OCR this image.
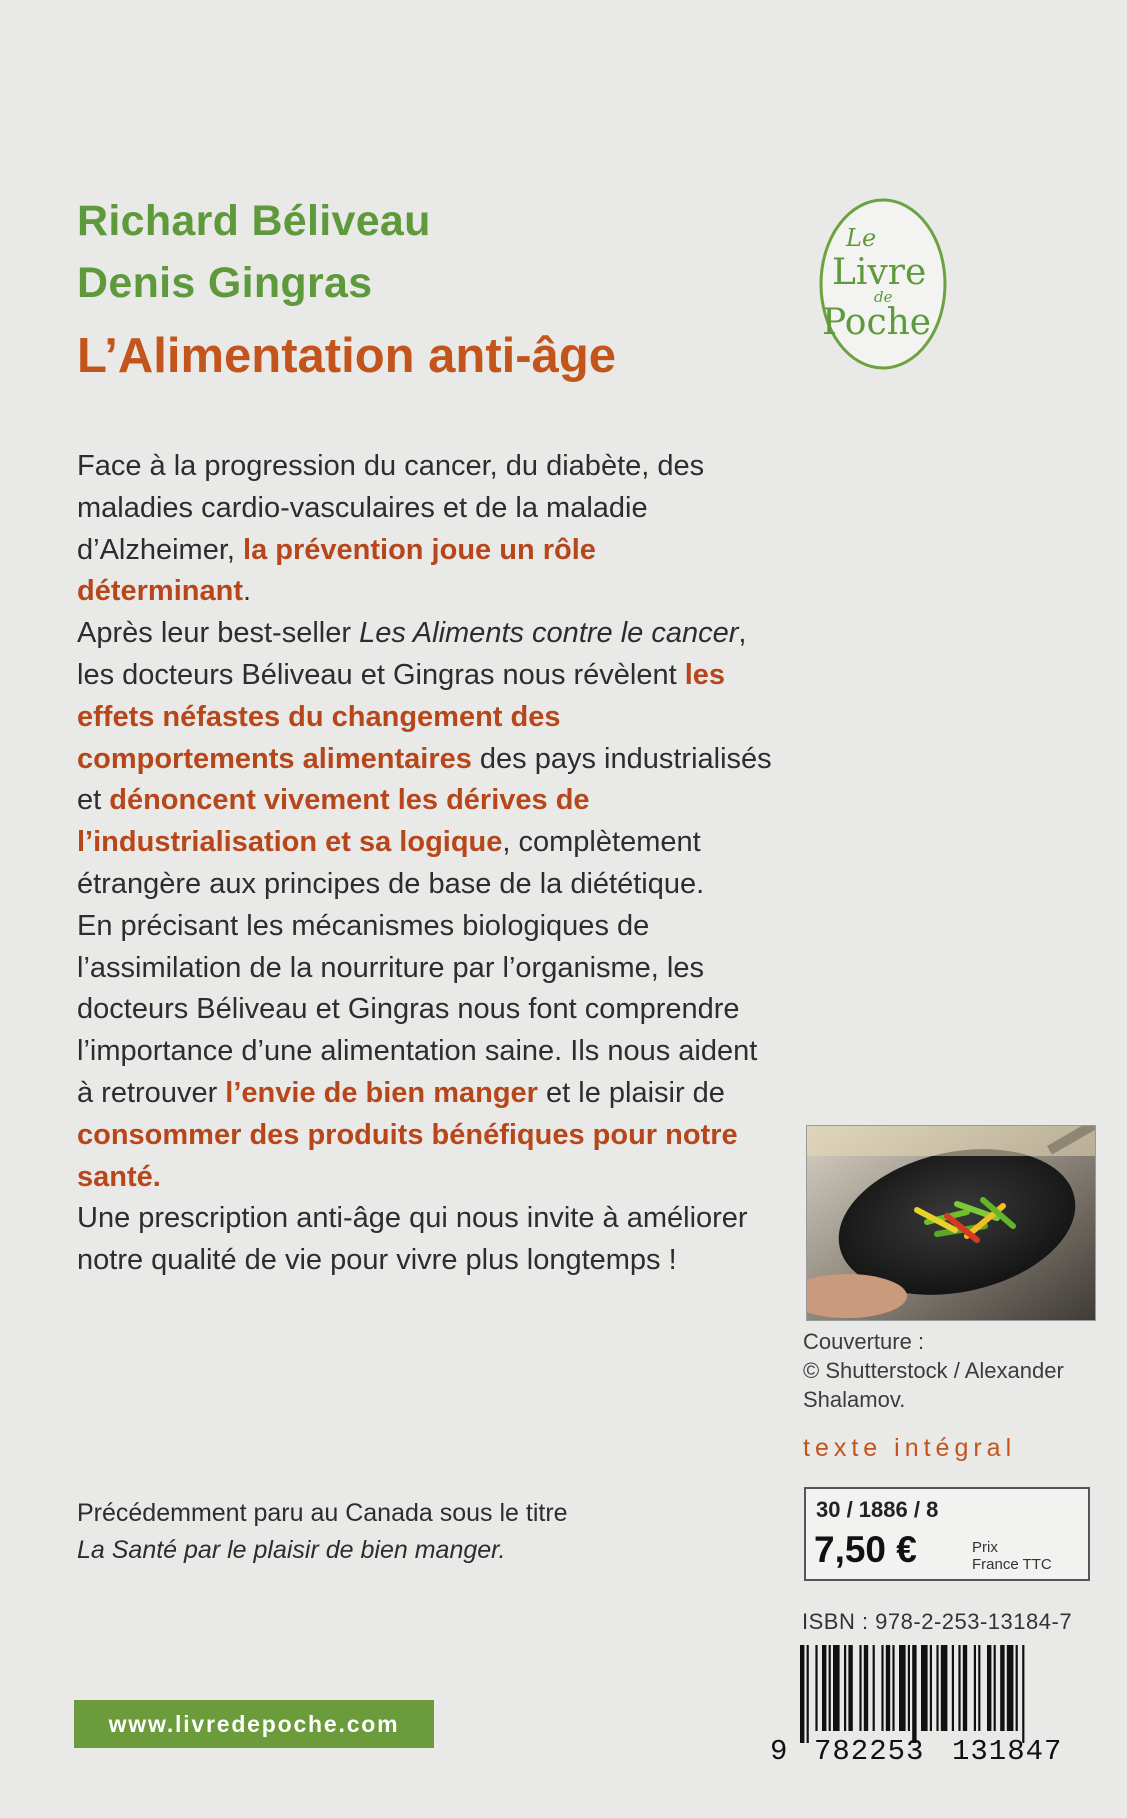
Richard Béliveau

Denis Gingras

L’Alimentation anti-âge
Le
Livre
de
Poche

Face à la progression du cancer, du diabète, des maladies cardio-vasculaires et de la maladie d’Alzheimer, la prévention joue un rôle déterminant.
Après leur best-seller Les Aliments contre le cancer, les docteurs Béliveau et Gingras nous révèlent les effets néfastes du changement des comportements alimentaires des pays industrialisés et dénoncent vivement les dérives de l’industrialisation et sa logique, complètement étrangère aux principes de base de la diététique.
En précisant les mécanismes biologiques de l’assimilation de la nourriture par l’organisme, les docteurs Béliveau et Gingras nous font comprendre l’importance d’une alimentation saine. Ils nous aident à retrouver l’envie de bien manger et le plaisir de consommer des produits bénéfiques pour notre santé.
Une prescription anti-âge qui nous invite à améliorer notre qualité de vie pour vivre plus longtemps !

Précédemment paru au Canada sous le titre
La Santé par le plaisir de bien manger.

www.livredepoche.com

Couverture :
© Shutterstock / Alexander
Shalamov.

texte intégral

30 / 1886 / 8
7,50 €	Prix
France TTC
ISBN : 978-2-253-13184-7
9 782253 131847
